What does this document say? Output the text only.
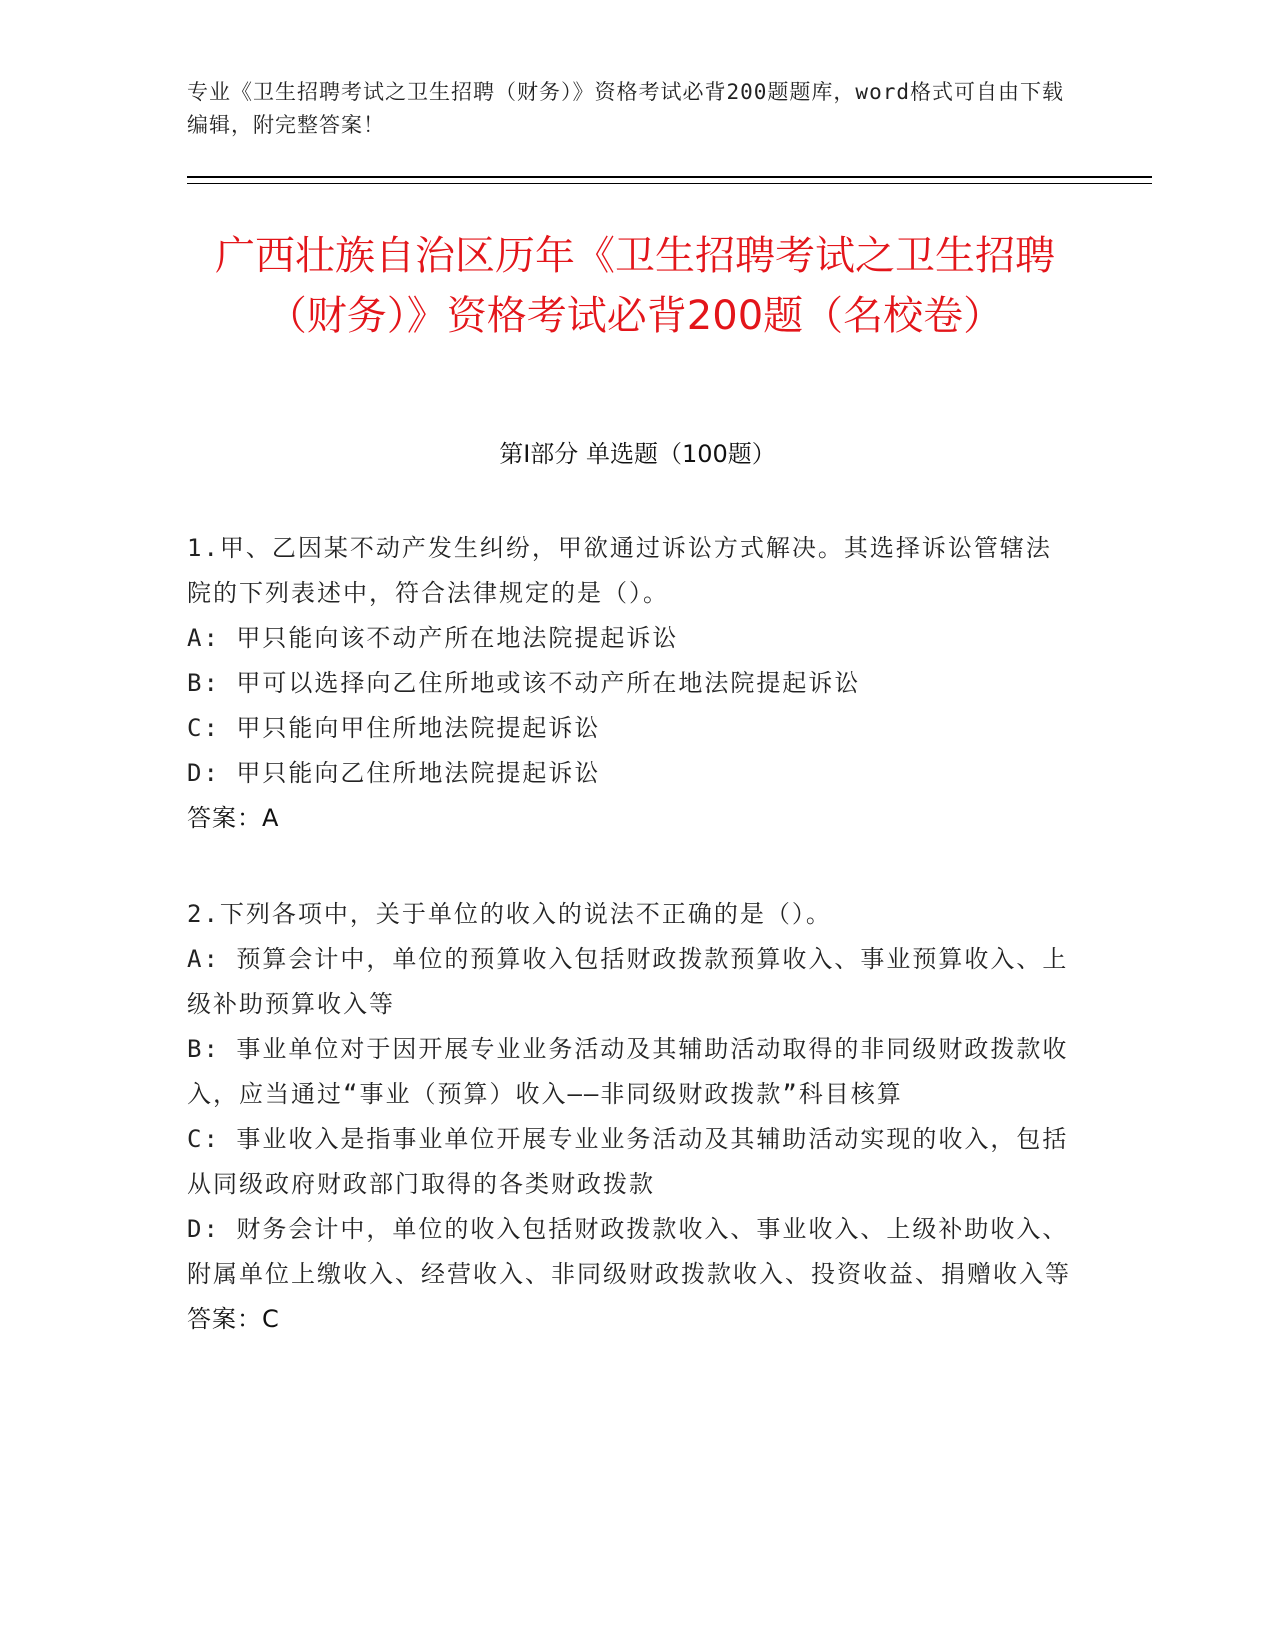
专业《卫生招聘考试之卫生招聘（财务）》资格考试必背200题题库，word格式可自由下载编辑，附完整答案！
广西壮族自治区历年《卫生招聘考试之卫生招聘（财务）》资格考试必背200题（名校卷）
第Ⅰ部分 单选题（100题）

1.甲、乙因某不动产发生纠纷，甲欲通过诉讼方式解决。其选择诉讼管辖法院的下列表述中，符合法律规定的是（）。

A: 甲只能向该不动产所在地法院提起诉讼

B: 甲可以选择向乙住所地或该不动产所在地法院提起诉讼

C: 甲只能向甲住所地法院提起诉讼

D: 甲只能向乙住所地法院提起诉讼

答案：A

2.下列各项中，关于单位的收入的说法不正确的是（）。

A: 预算会计中，单位的预算收入包括财政拨款预算收入、事业预算收入、上级补助预算收入等

B: 事业单位对于因开展专业业务活动及其辅助活动取得的非同级财政拨款收入，应当通过“事业（预算）收入——非同级财政拨款”科目核算

C: 事业收入是指事业单位开展专业业务活动及其辅助活动实现的收入，包括从同级政府财政部门取得的各类财政拨款

D: 财务会计中，单位的收入包括财政拨款收入、事业收入、上级补助收入、附属单位上缴收入、经营收入、非同级财政拨款收入、投资收益、捐赠收入等

答案：C
